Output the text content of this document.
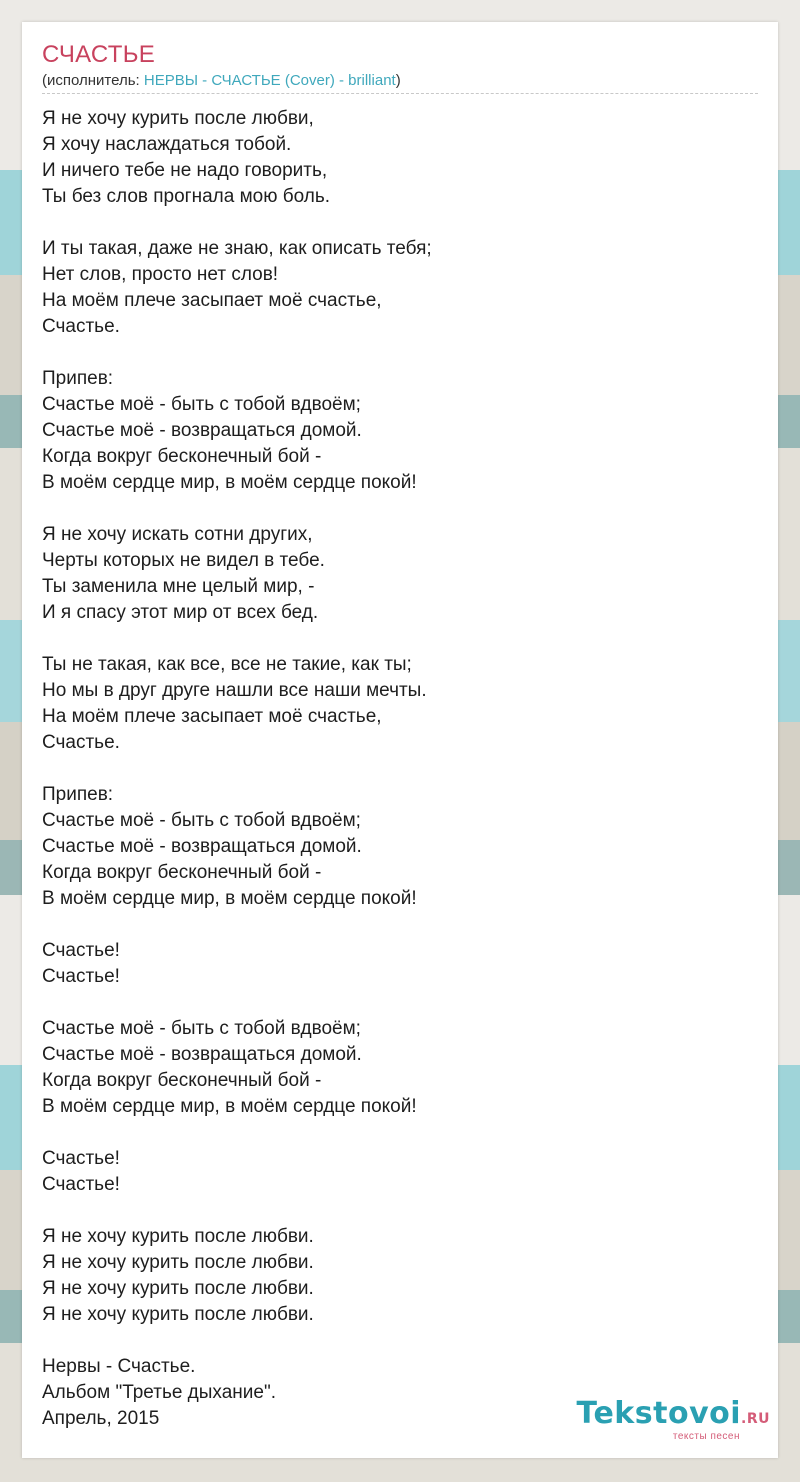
СЧАСТЬЕ
(исполнитель: НЕРВЫ - СЧАСТЬЕ (Cover) - brilliant)
Я не хочу курить после любви,
Я хочу наслаждаться тобой.
И ничего тебе не надо говорить,
Ты без слов прогнала мою боль.
И ты такая, даже не знаю, как описать тебя;
Нет слов, просто нет слов!
На моём плече засыпает моё счастье,
Счастье.
Припев:
Счастье моё - быть с тобой вдвоём;
Счастье моё - возвращаться домой.
Когда вокруг бесконечный бой -
В моём сердце мир, в моём сердце покой!
Я не хочу искать сотни других,
Черты которых не видел в тебе.
Ты заменила мне целый мир, -
И я спасу этот мир от всех бед.
Ты не такая, как все, все не такие, как ты;
Но мы в друг друге нашли все наши мечты.
На моём плече засыпает моё счастье,
Счастье.
Припев:
Счастье моё - быть с тобой вдвоём;
Счастье моё - возвращаться домой.
Когда вокруг бесконечный бой -
В моём сердце мир, в моём сердце покой!
Счастье!
Счастье!
Счастье моё - быть с тобой вдвоём;
Счастье моё - возвращаться домой.
Когда вокруг бесконечный бой -
В моём сердце мир, в моём сердце покой!
Счастье!
Счастье!
Я не хочу курить после любви.
Я не хочу курить после любви.
Я не хочу курить после любви.
Я не хочу курить после любви.
Нервы - Счастье.
Альбом "Третье дыхание".
Апрель, 2015	Tekstovoi.RU
тексты песен
